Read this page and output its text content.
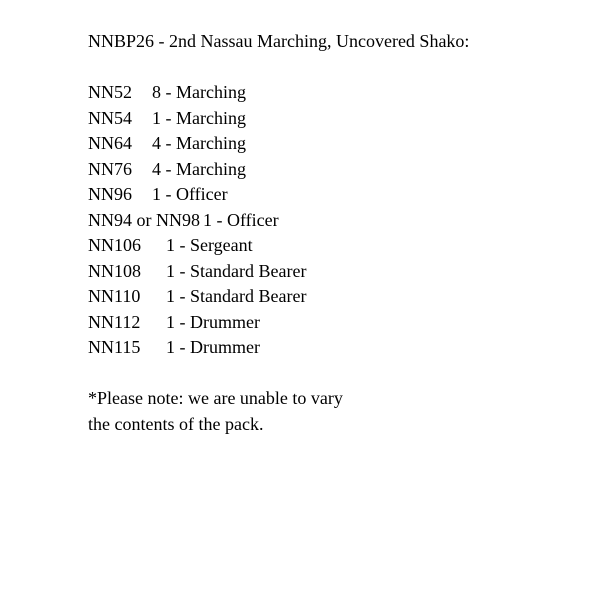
NNBP26 - 2nd Nassau Marching, Uncovered Shako:
NN52	8 - Marching
NN54	1 - Marching
NN64	4 - Marching
NN76	4 - Marching
NN96	1 - Officer
NN94 or NN98 1 - Officer
NN106	1 - Sergeant
NN108	1 - Standard Bearer
NN110	1 - Standard Bearer
NN112	1 - Drummer
NN115	1 - Drummer
*Please note: we are unable to vary
the contents of the pack.
